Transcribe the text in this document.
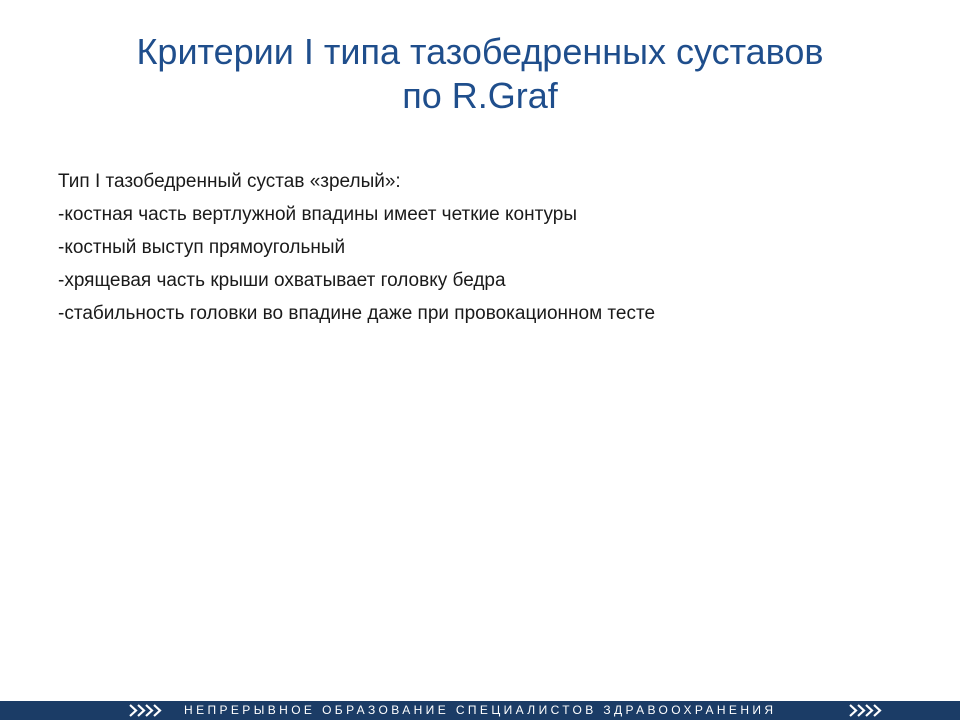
Критерии I типа тазобедренных суставов
по R.Graf
Тип I тазобедренный сустав «зрелый»:
-костная часть вертлужной впадины имеет четкие контуры
-костный выступ прямоугольный
-хрящевая часть крыши охватывает головку бедра
-стабильность головки во впадине даже при провокационном тесте
НЕПРЕРЫВНОЕ ОБРАЗОВАНИЕ СПЕЦИАЛИСТОВ ЗДРАВООХРАНЕНИЯ
